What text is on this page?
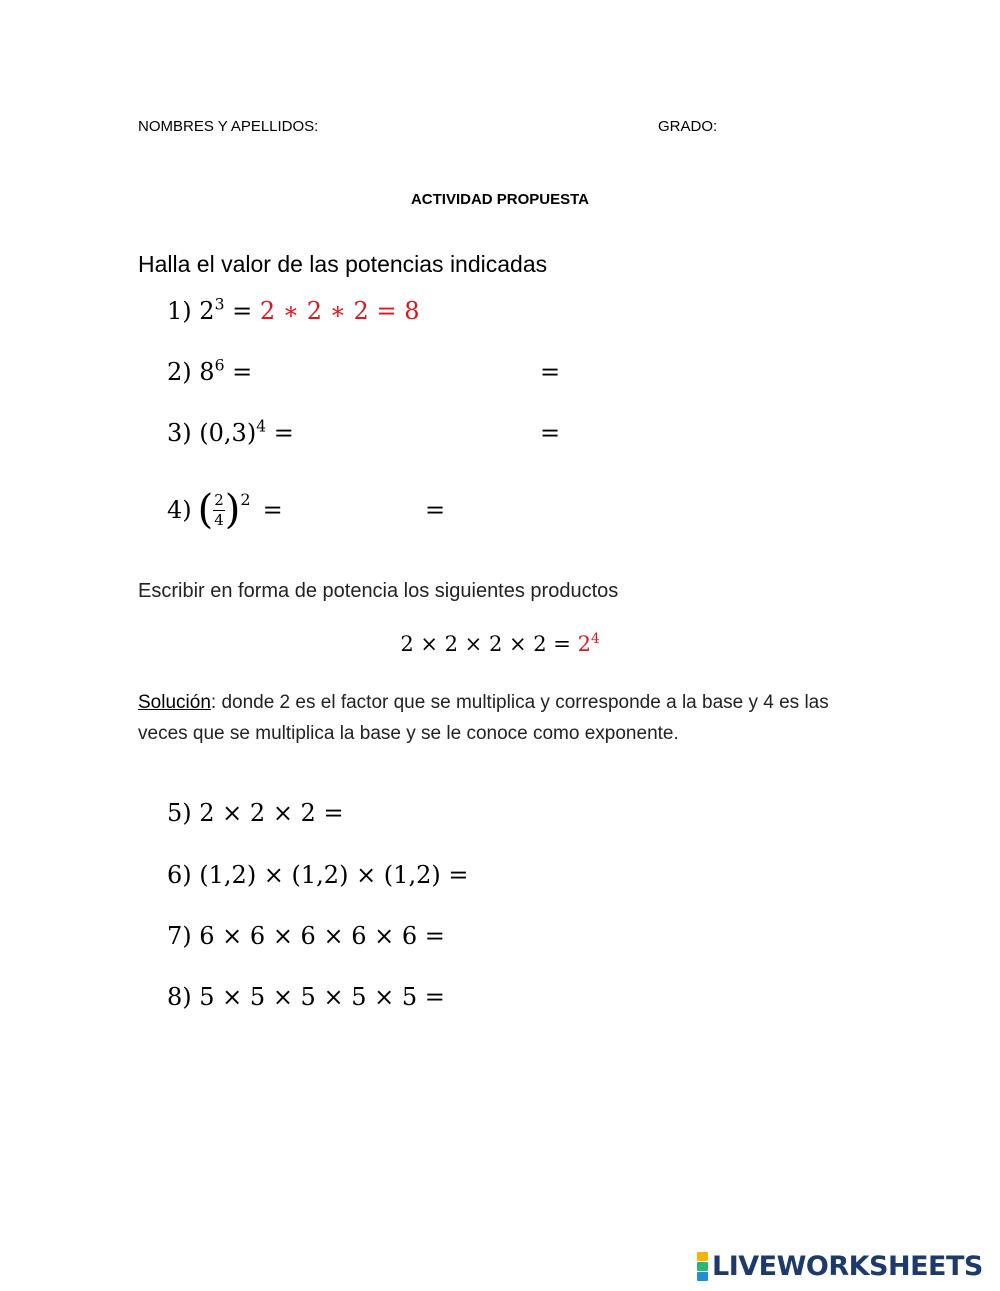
NOMBRES Y APELLIDOS:	GRADO:
ACTIVIDAD PROPUESTA
Halla el valor de las potencias indicadas
1) $2^3 = 2$ ∗ 2 ∗ 2 = 8
2) $8^6$ =	=
3) $(0,3)^4$ =	=
4) ( $\frac{2}{4}$ ) 2 =	=
Escribir en forma de potencia los siguientes productos
$2 \times 2 \times 2 \times 2 = 2^4$
Solución: donde 2 es el factor que se multiplica y corresponde a la base y 4 es las veces que se multiplica la base y se le conoce como exponente.
5) 2 × 2 × 2 =
6) (1,2) × (1,2) × (1,2) =
7) 6 × 6 × 6 × 6 × 6 =
8) 5 × 5 × 5 × 5 × 5 =
LIVEWORKSHEETS
